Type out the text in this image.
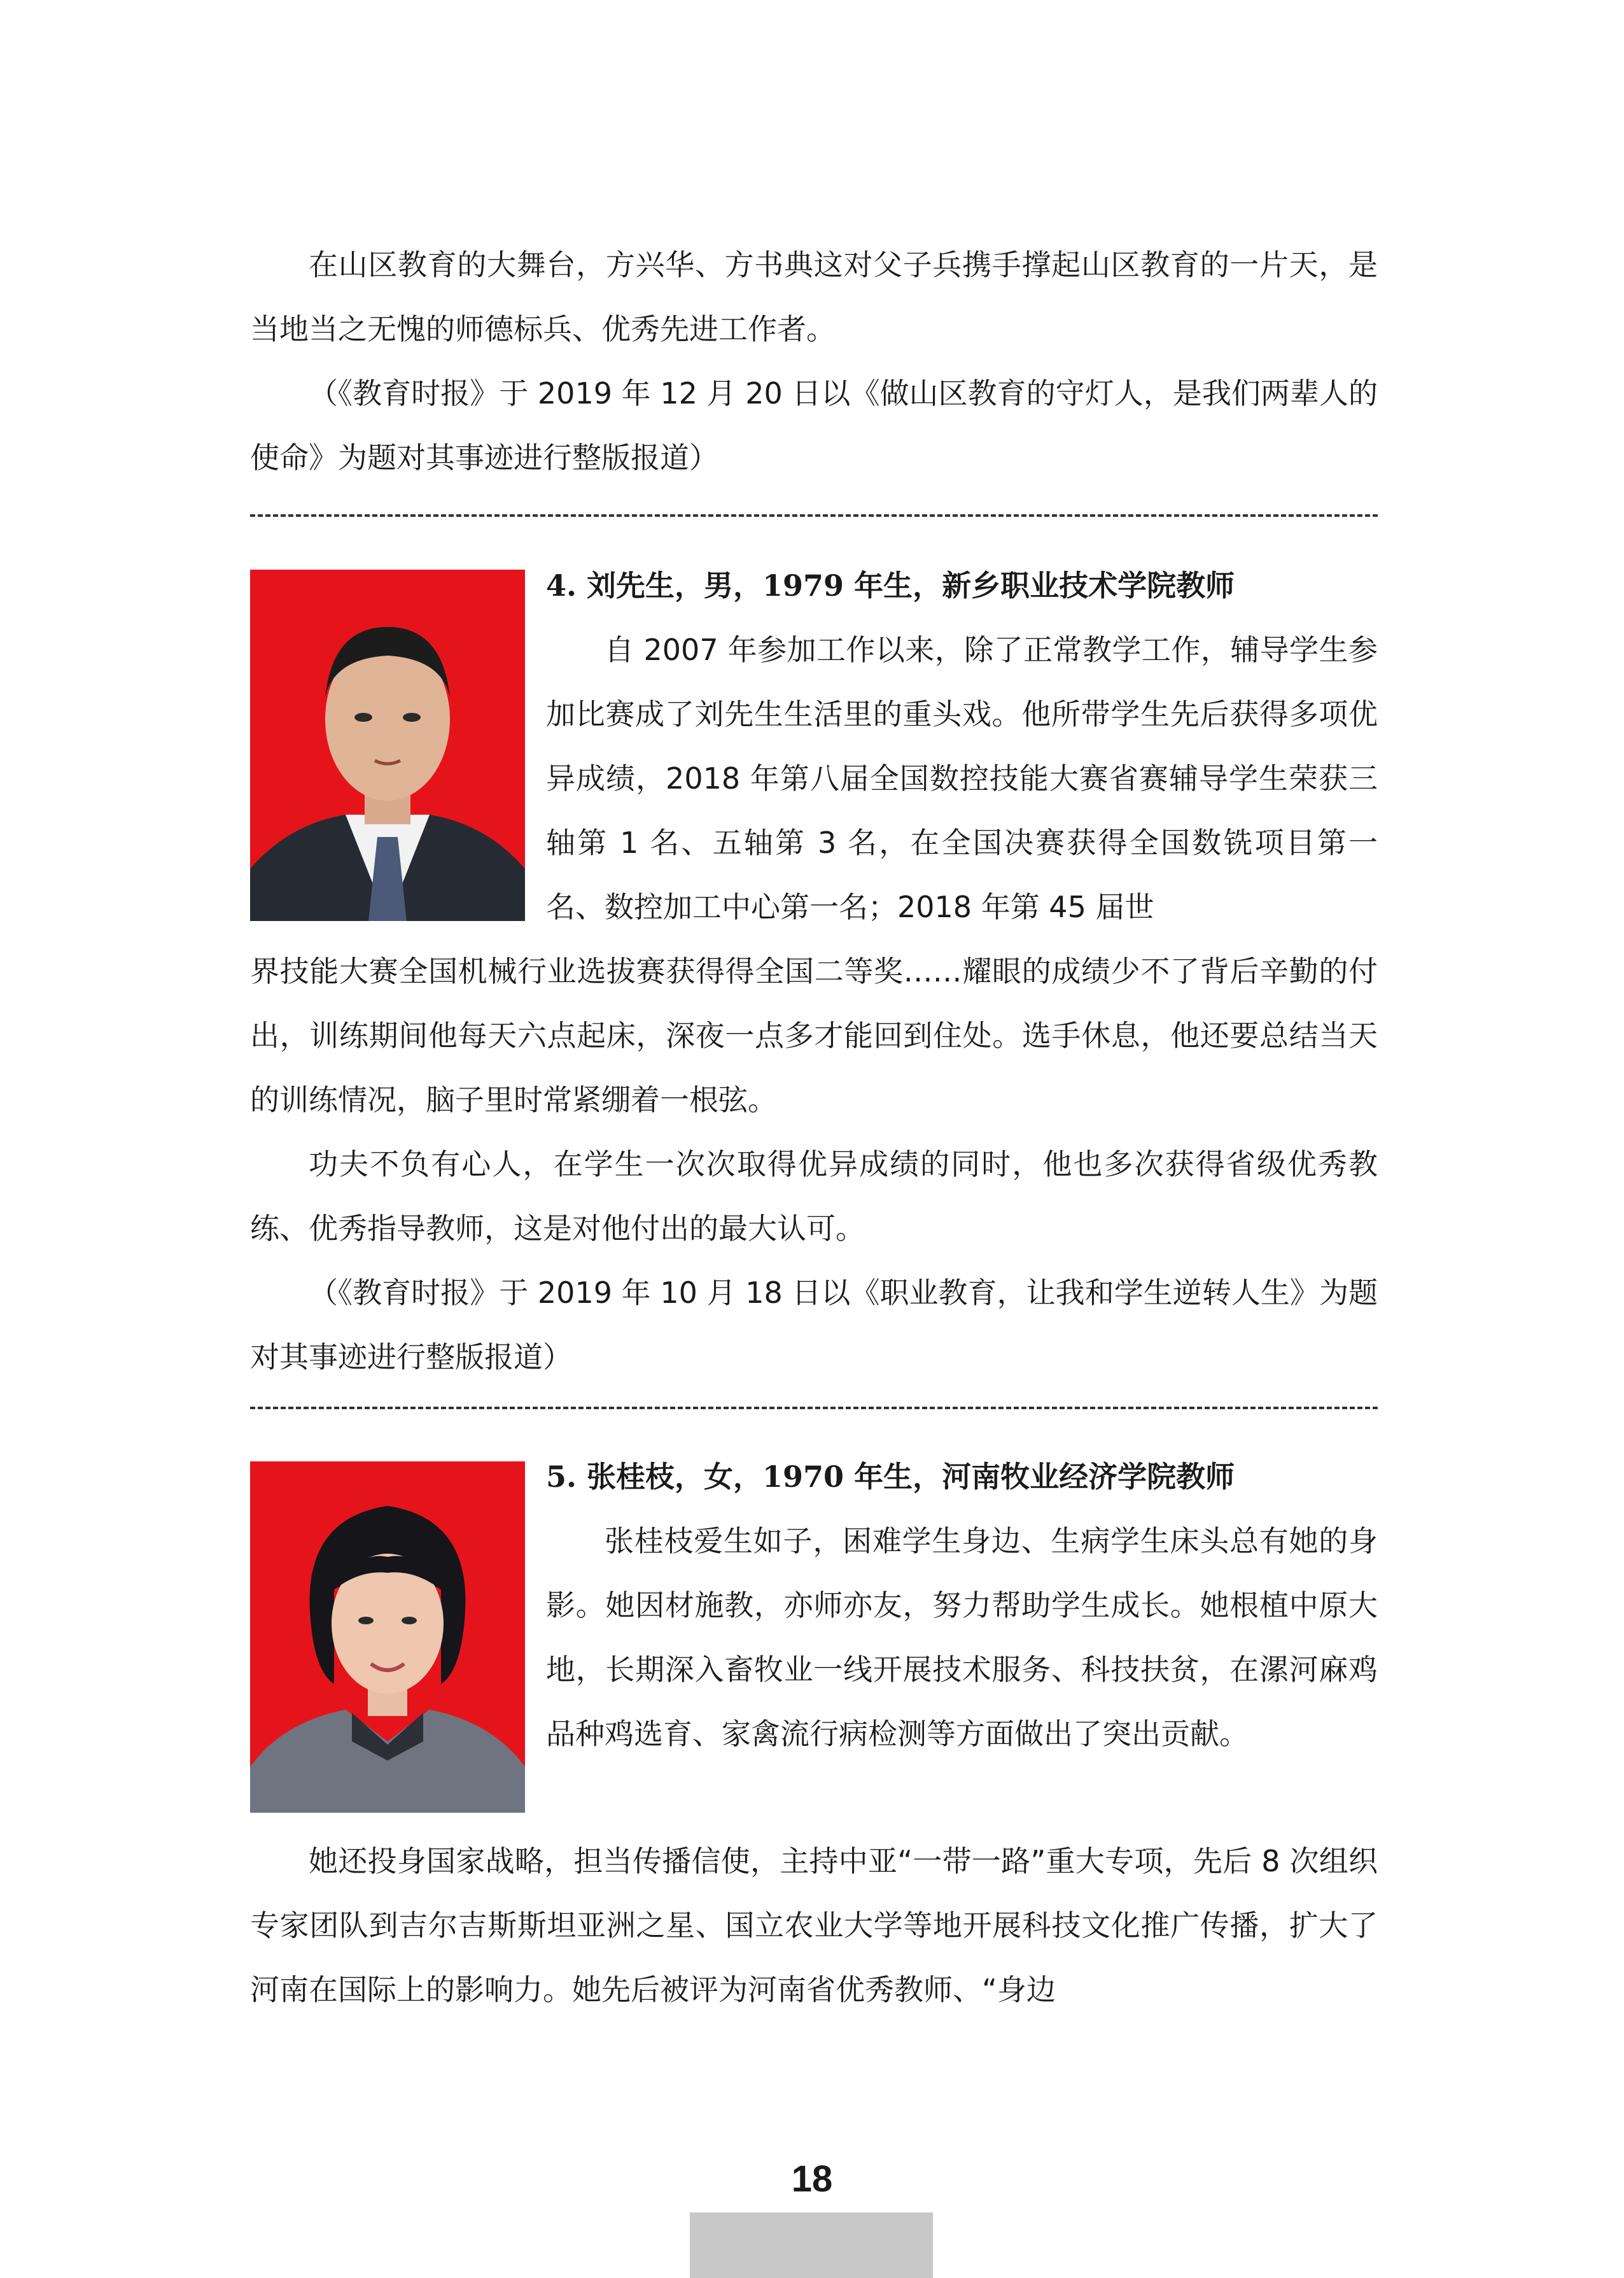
在山区教育的大舞台，方兴华、方书典这对父子兵携手撑起山区教育的一片天，是当地当之无愧的师德标兵、优秀先进工作者。

（《教育时报》于 2019 年 12 月 20 日以《做山区教育的守灯人，是我们两辈人的使命》为题对其事迹进行整版报道）

4. 刘先生，男，1979 年生，新乡职业技术学院教师

自 2007 年参加工作以来，除了正常教学工作，辅导学生参加比赛成了刘先生生活里的重头戏。他所带学生先后获得多项优异成绩，2018 年第八届全国数控技能大赛省赛辅导学生荣获三轴第 1 名、五轴第 3 名，在全国决赛获得全国数铣项目第一名、数控加工中心第一名；2018 年第 45 届世

界技能大赛全国机械行业选拔赛获得得全国二等奖……耀眼的成绩少不了背后辛勤的付出，训练期间他每天六点起床，深夜一点多才能回到住处。选手休息，他还要总结当天的训练情况，脑子里时常紧绷着一根弦。

功夫不负有心人，在学生一次次取得优异成绩的同时，他也多次获得省级优秀教练、优秀指导教师，这是对他付出的最大认可。

（《教育时报》于 2019 年 10 月 18 日以《职业教育，让我和学生逆转人生》为题对其事迹进行整版报道）

5. 张桂枝，女，1970 年生，河南牧业经济学院教师

张桂枝爱生如子，困难学生身边、生病学生床头总有她的身影。她因材施教，亦师亦友，努力帮助学生成长。她根植中原大地，长期深入畜牧业一线开展技术服务、科技扶贫，在漯河麻鸡品种鸡选育、家禽流行病检测等方面做出了突出贡献。

她还投身国家战略，担当传播信使，主持中亚“一带一路”重大专项，先后 8 次组织专家团队到吉尔吉斯斯坦亚洲之星、国立农业大学等地开展科技文化推广传播，扩大了河南在国际上的影响力。她先后被评为河南省优秀教师、“身边

18
